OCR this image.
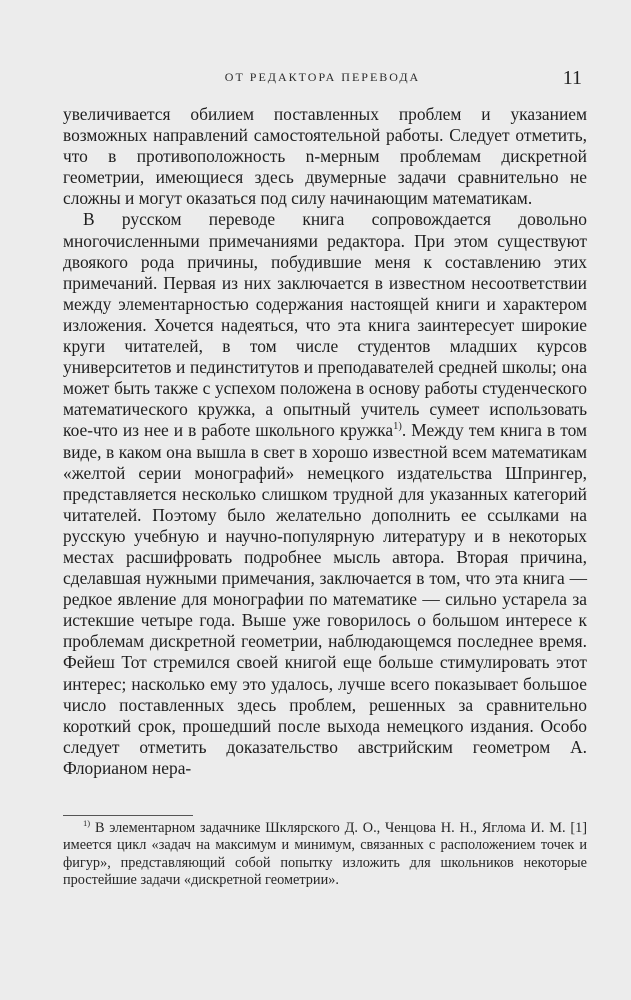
ОТ РЕДАКТОРА ПЕРЕВОДА	11

увеличивается обилием поставленных проблем и указанием возможных направлений самостоятельной работы. Следует отметить, что в противоположность n-мерным проблемам дискретной геометрии, имеющиеся здесь двумерные задачи сравнительно не сложны и могут оказаться под силу начинающим математикам.

В русском переводе книга сопровождается довольно многочисленными примечаниями редактора. При этом существуют двоякого рода причины, побудившие меня к составлению этих примечаний. Первая из них заключается в известном несоответствии между элементарностью содержания настоящей книги и характером изложения. Хочется надеяться, что эта книга заинтересует широкие круги читателей, в том числе студентов младших курсов университетов и пединститутов и преподавателей средней школы; она может быть также с успехом положена в основу работы студенческого математического кружка, а опытный учитель сумеет использовать кое-что из нее и в работе школьного кружка$^{1)}$. Между тем книга в том виде, в каком она вышла в свет в хорошо известной всем математикам «желтой серии монографий» немецкого издательства Шпрингер, представляется несколько слишком трудной для указанных категорий читателей. Поэтому было желательно дополнить ее ссылками на русскую учебную и научно-популярную литературу и в некоторых местах расшифровать подробнее мысль автора. Вторая причина, сделавшая нужными примечания, заключается в том, что эта книга — редкое явление для монографии по математике — сильно устарела за истекшие четыре года. Выше уже говорилось о большом интересе к проблемам дискретной геометрии, наблюдающемся последнее время. Фейеш Тот стремился своей книгой еще больше стимулировать этот интерес; насколько ему это удалось, лучше всего показывает большое число поставленных здесь проблем, решенных за сравнительно короткий срок, прошедший после выхода немецкого издания. Особо следует отметить доказательство австрийским геометром А. Флорианом нера-

$^{1)}$ В элементарном задачнике Шклярского Д. О., Ченцова Н. Н., Яглома И. М. [1] имеется цикл «задач на максимум и минимум, связанных с расположением точек и фигур», представляющий собой попытку изложить для школьников некоторые простейшие задачи «дискретной геометрии».
